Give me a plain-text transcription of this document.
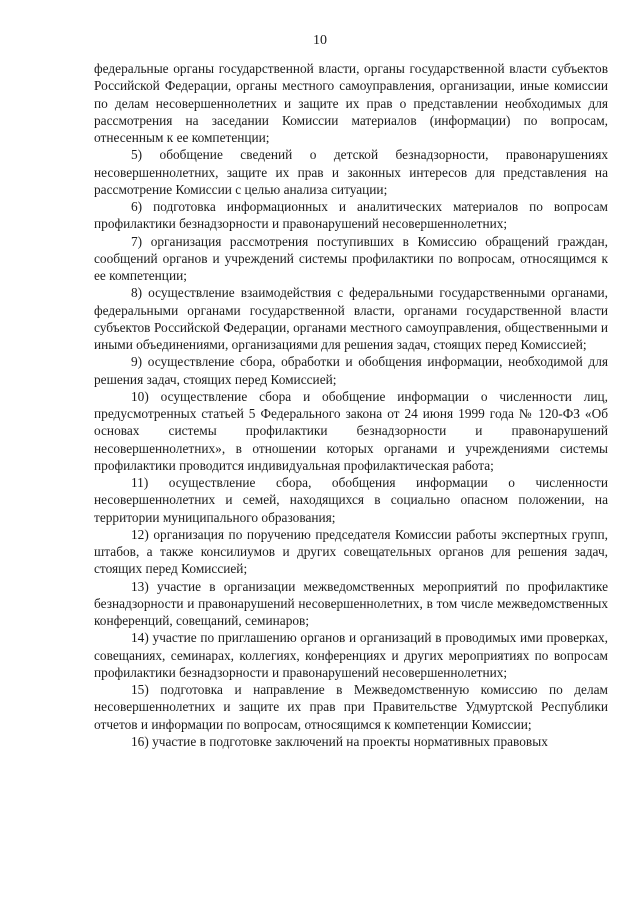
10

федеральные органы государственной власти, органы государственной власти субъектов Российской Федерации, органы местного самоуправления, организации, иные комиссии по делам несовершеннолетних и защите их прав о представлении необходимых для рассмотрения на заседании Комиссии материалов (информации) по вопросам, отнесенным к ее компетенции;

5) обобщение сведений о детской безнадзорности, правонарушениях несовершеннолетних, защите их прав и законных интересов для представления на рассмотрение Комиссии с целью анализа ситуации;

6) подготовка информационных и аналитических материалов по вопросам профилактики безнадзорности и правонарушений несовершеннолетних;

7) организация рассмотрения поступивших в Комиссию обращений граждан, сообщений органов и учреждений системы профилактики по вопросам, относящимся к ее компетенции;

8) осуществление взаимодействия с федеральными государственными органами, федеральными органами государственной власти, органами государственной власти субъектов Российской Федерации, органами местного самоуправления, общественными и иными объединениями, организациями для решения задач, стоящих перед Комиссией;

9) осуществление сбора, обработки и обобщения информации, необходимой для решения задач, стоящих перед Комиссией;

10) осуществление сбора и обобщение информации о численности лиц, предусмотренных статьей 5 Федерального закона от 24 июня 1999 года № 120-ФЗ «Об основах системы профилактики безнадзорности и правонарушений несовершеннолетних», в отношении которых органами и учреждениями системы профилактики проводится индивидуальная профилактическая работа;

11) осуществление сбора, обобщения информации о численности несовершеннолетних и семей, находящихся в социально опасном положении, на территории муниципального образования;

12) организация по поручению председателя Комиссии работы экспертных групп, штабов, а также консилиумов и других совещательных органов для решения задач, стоящих перед Комиссией;

13) участие в организации межведомственных мероприятий по профилактике безнадзорности и правонарушений несовершеннолетних, в том числе межведомственных конференций, совещаний, семинаров;

14) участие по приглашению органов и организаций в проводимых ими проверках, совещаниях, семинарах, коллегиях, конференциях и других мероприятиях по вопросам профилактики безнадзорности и правонарушений несовершеннолетних;

15) подготовка и направление в Межведомственную комиссию по делам несовершеннолетних и защите их прав при Правительстве Удмуртской Республики отчетов и информации по вопросам, относящимся к компетенции Комиссии;

16) участие в подготовке заключений на проекты нормативных правовых
